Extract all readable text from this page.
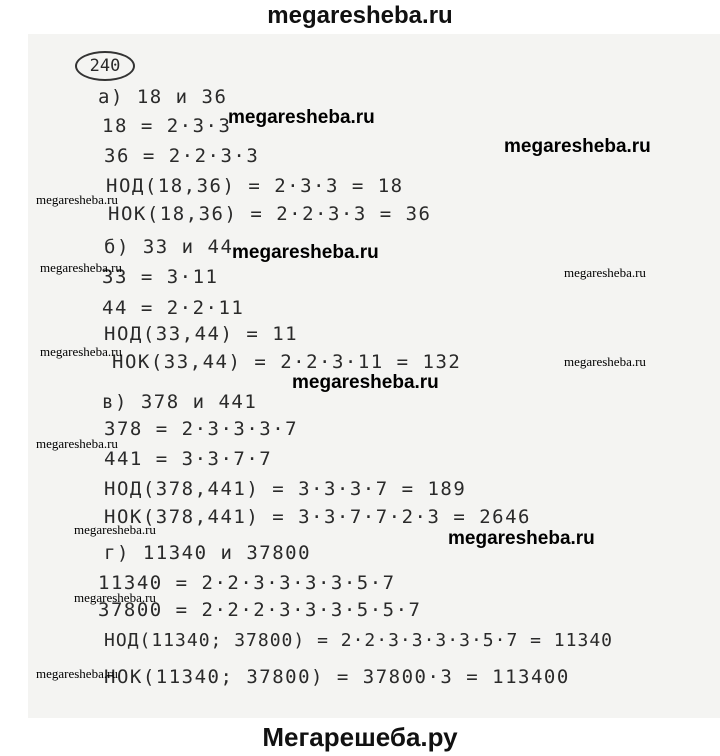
megaresheba.ru
240
а) 18 и 36
18 = 2·3·3
36 = 2·2·3·3
НОД(18,36) = 2·3·3 = 18
НОК(18,36) = 2·2·3·3 = 36
б) 33 и 44
33 = 3·11
44 = 2·2·11
НОД(33,44) = 11
НОК(33,44) = 2·2·3·11 = 132
в) 378 и 441
378 = 2·3·3·3·7
441 = 3·3·7·7
НОД(378,441) = 3·3·3·7 = 189
НОК(378,441) = 3·3·7·7·2·3 = 2646
г) 11340 и 37800
11340 = 2·2·3·3·3·3·5·7
37800 = 2·2·2·3·3·3·5·5·7
НОД(11340; 37800) = 2·2·3·3·3·3·5·7 = 11340
НОК(11340; 37800) = 37800·3 = 113400
megaresheba.ru
megaresheba.ru
megaresheba.ru
megaresheba.ru
megaresheba.ru
megaresheba.ru
megaresheba.ru	megaresheba.ru
megaresheba.ru
megaresheba.ru
megaresheba.ru
megaresheba.ru
megaresheba.ru
megaresheba.ru
Мегарешеба.ру
